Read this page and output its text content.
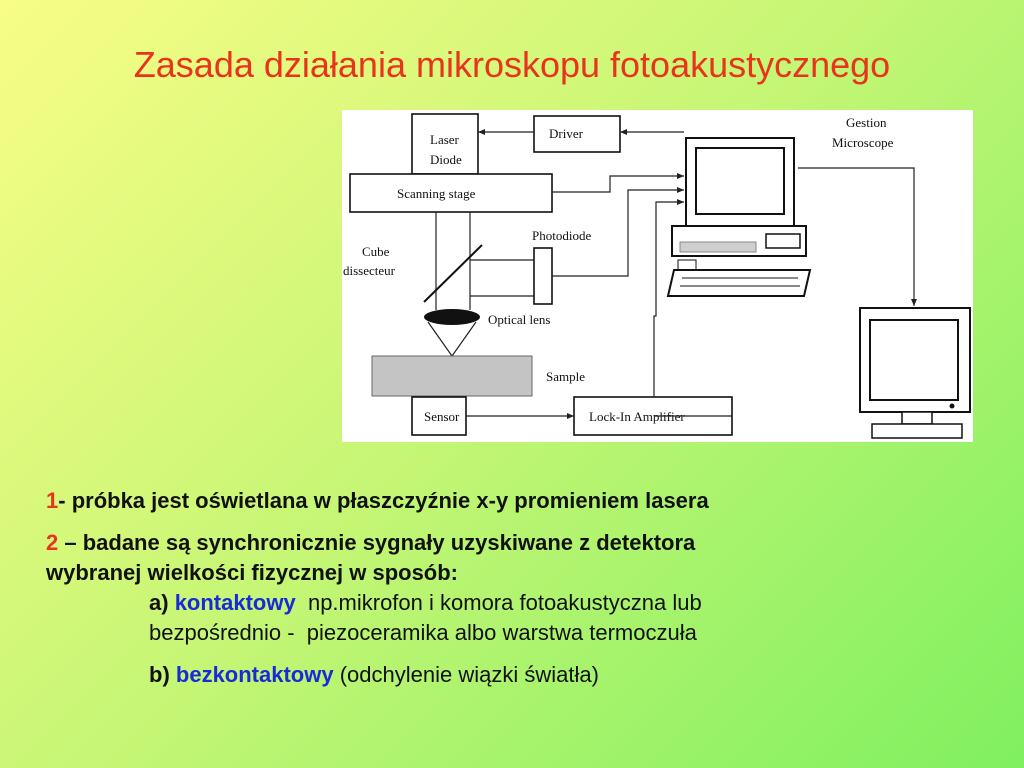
Zasada działania mikroskopu fotoakustycznego
Laser
Diode
Driver
Scanning stage
Cube
dissecteur
Photodiode
Optical lens
Sample
Sensor	Lock-In Amplifier
Gestion
Microscope

1- próbka jest oświetlana w płaszczyźnie x-y promieniem lasera

2 – badane są synchronicznie sygnały uzyskiwane z detektora
wybranej wielkości fizycznej w sposób:

a) kontaktowy np.mikrofon i komora fotoakustyczna lub
bezpośrednio - piezoceramika albo warstwa termoczuła

b) bezkontaktowy (odchylenie wiązki światła)
